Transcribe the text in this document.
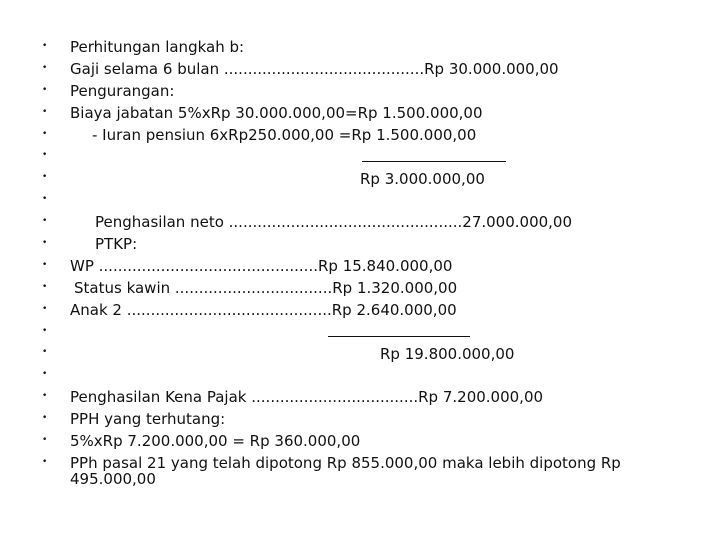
•
•
•
•
•
•
•
•
•
•
•
•
•
•
•
•
•
•
•
•
Perhitungan langkah b:
Gaji selama 6 bulan ..........................................Rp 30.000.000,00
Pengurangan:
Biaya jabatan 5%xRp 30.000.000,00=Rp 1.500.000,00
- Iuran pensiun 6xRp250.000,00 =Rp 1.500.000,00
Rp 3.000.000,00
Penghasilan neto .................................................27.000.000,00
PTKP:
WP ..............................................Rp 15.840.000,00
Status kawin .................................Rp 1.320.000,00
Anak 2 ...........................................Rp 2.640.000,00
Rp 19.800.000,00
Penghasilan Kena Pajak ...................................Rp 7.200.000,00
PPH yang terhutang:
5%xRp 7.200.000,00 = Rp 360.000,00
PPh pasal 21 yang telah dipotong Rp 855.000,00 maka lebih dipotong Rp
495.000,00
